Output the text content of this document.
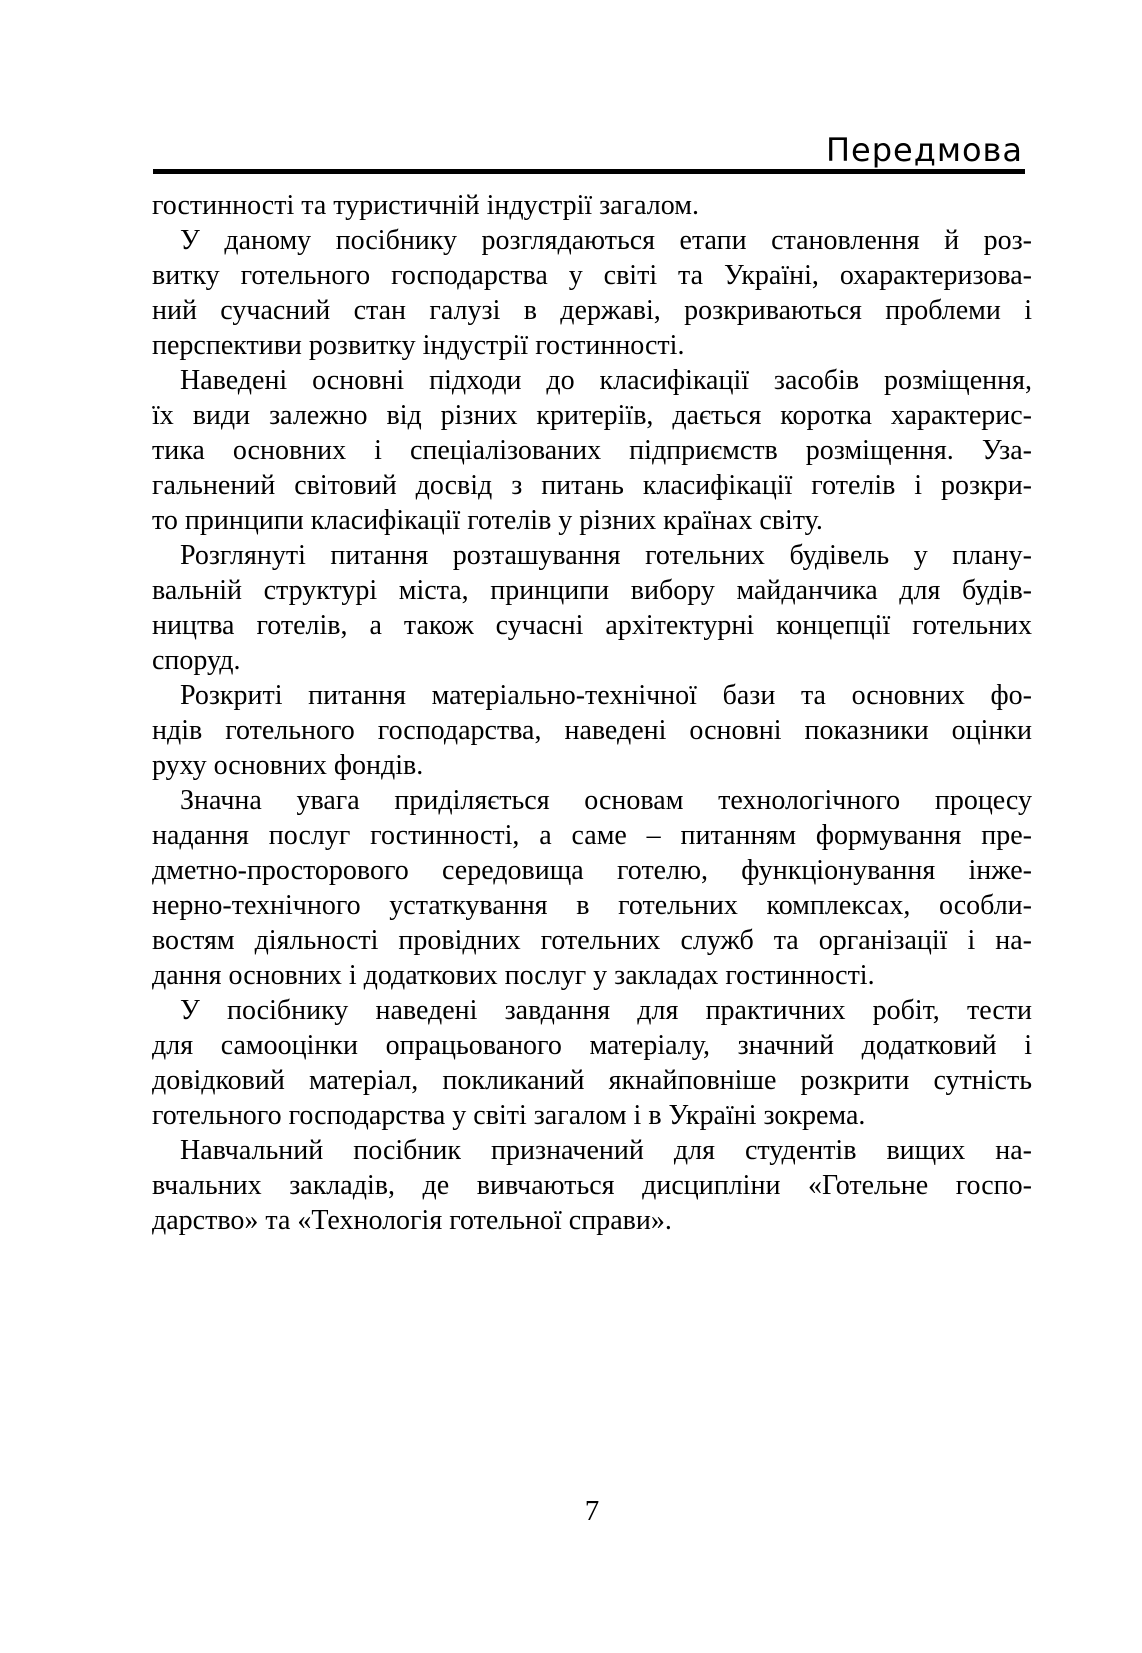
Передмова
гостинності та туристичній індустрії загалом.
У даному посібнику розглядаються етапи становлення й роз-
витку готельного господарства у світі та Україні, охарактеризова-
ний сучасний стан галузі в державі, розкриваються проблеми і
перспективи розвитку індустрії гостинності.
Наведені основні підходи до класифікації засобів розміщення,
їх види залежно від різних критеріїв, дається коротка характерис-
тика основних і спеціалізованих підприємств розміщення. Уза-
гальнений світовий досвід з питань класифікації готелів і розкри-
то принципи класифікації готелів у різних країнах світу.
Розглянуті питання розташування готельних будівель у плану-
вальній структурі міста, принципи вибору майданчика для будів-
ництва готелів, а також сучасні архітектурні концепції готельних
споруд.
Розкриті питання матеріально-технічної бази та основних фо-
ндів готельного господарства, наведені основні показники оцінки
руху основних фондів.
Значна увага приділяється основам технологічного процесу
надання послуг гостинності, а саме – питанням формування пре-
дметно-просторового середовища готелю, функціонування інже-
нерно-технічного устаткування в готельних комплексах, особли-
востям діяльності провідних готельних служб та організації і на-
дання основних і додаткових послуг у закладах гостинності.
У посібнику наведені завдання для практичних робіт, тести
для самооцінки опрацьованого матеріалу, значний додатковий і
довідковий матеріал, покликаний якнайповніше розкрити сутність
готельного господарства у світі загалом і в Україні зокрема.
Навчальний посібник призначений для студентів вищих на-
вчальних закладів, де вивчаються дисципліни «Готельне госпо-
дарство» та «Технологія готельної справи».
7
